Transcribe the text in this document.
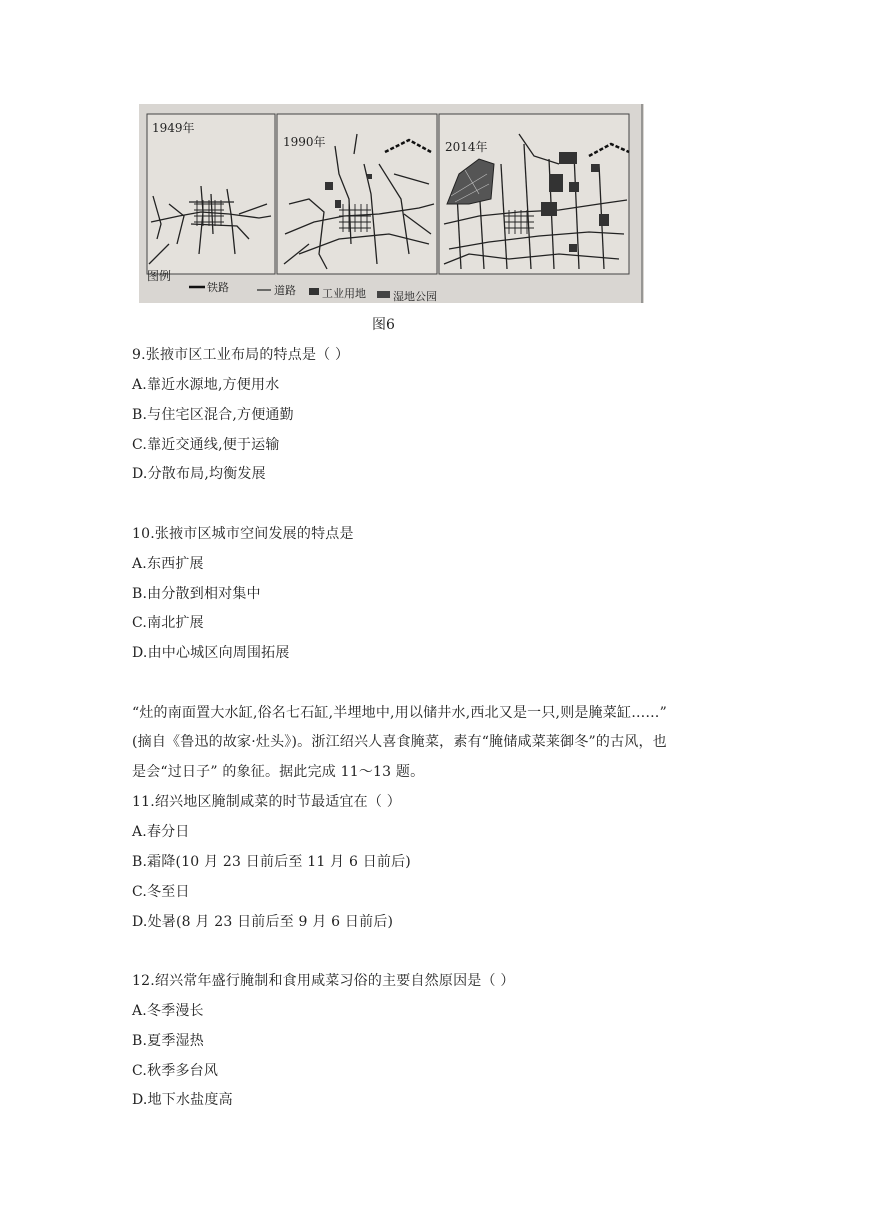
1949年
1990年	2014年
图例
铁路	道路 工业用地 湿地公园
图6
9.张掖市区工业布局的特点是（ ）
A.靠近水源地,方便用水
B.与住宅区混合,方便通勤
C.靠近交通线,便于运输
D.分散布局,均衡发展
10.张掖市区城市空间发展的特点是
A.东西扩展
B.由分散到相对集中
C.南北扩展
D.由中心城区向周围拓展
“灶的南面置大水缸,俗名七石缸,半埋地中,用以储井水,西北又是一只,则是腌菜缸……”
(摘自《鲁迅的故家·灶头》)。浙江绍兴人喜食腌菜，素有“腌储咸菜莱御冬”的古风，也
是会“过日子” 的象征。据此完成 11～13 题。
11.绍兴地区腌制咸菜的时节最适宜在（ ）
A.春分日
B.霜降(10 月 23 日前后至 11 月 6 日前后)
C.冬至日
D.处暑(8 月 23 日前后至 9 月 6 日前后)
12.绍兴常年盛行腌制和食用咸菜习俗的主要自然原因是（ ）
A.冬季漫长
B.夏季湿热
C.秋季多台风
D.地下水盐度高
